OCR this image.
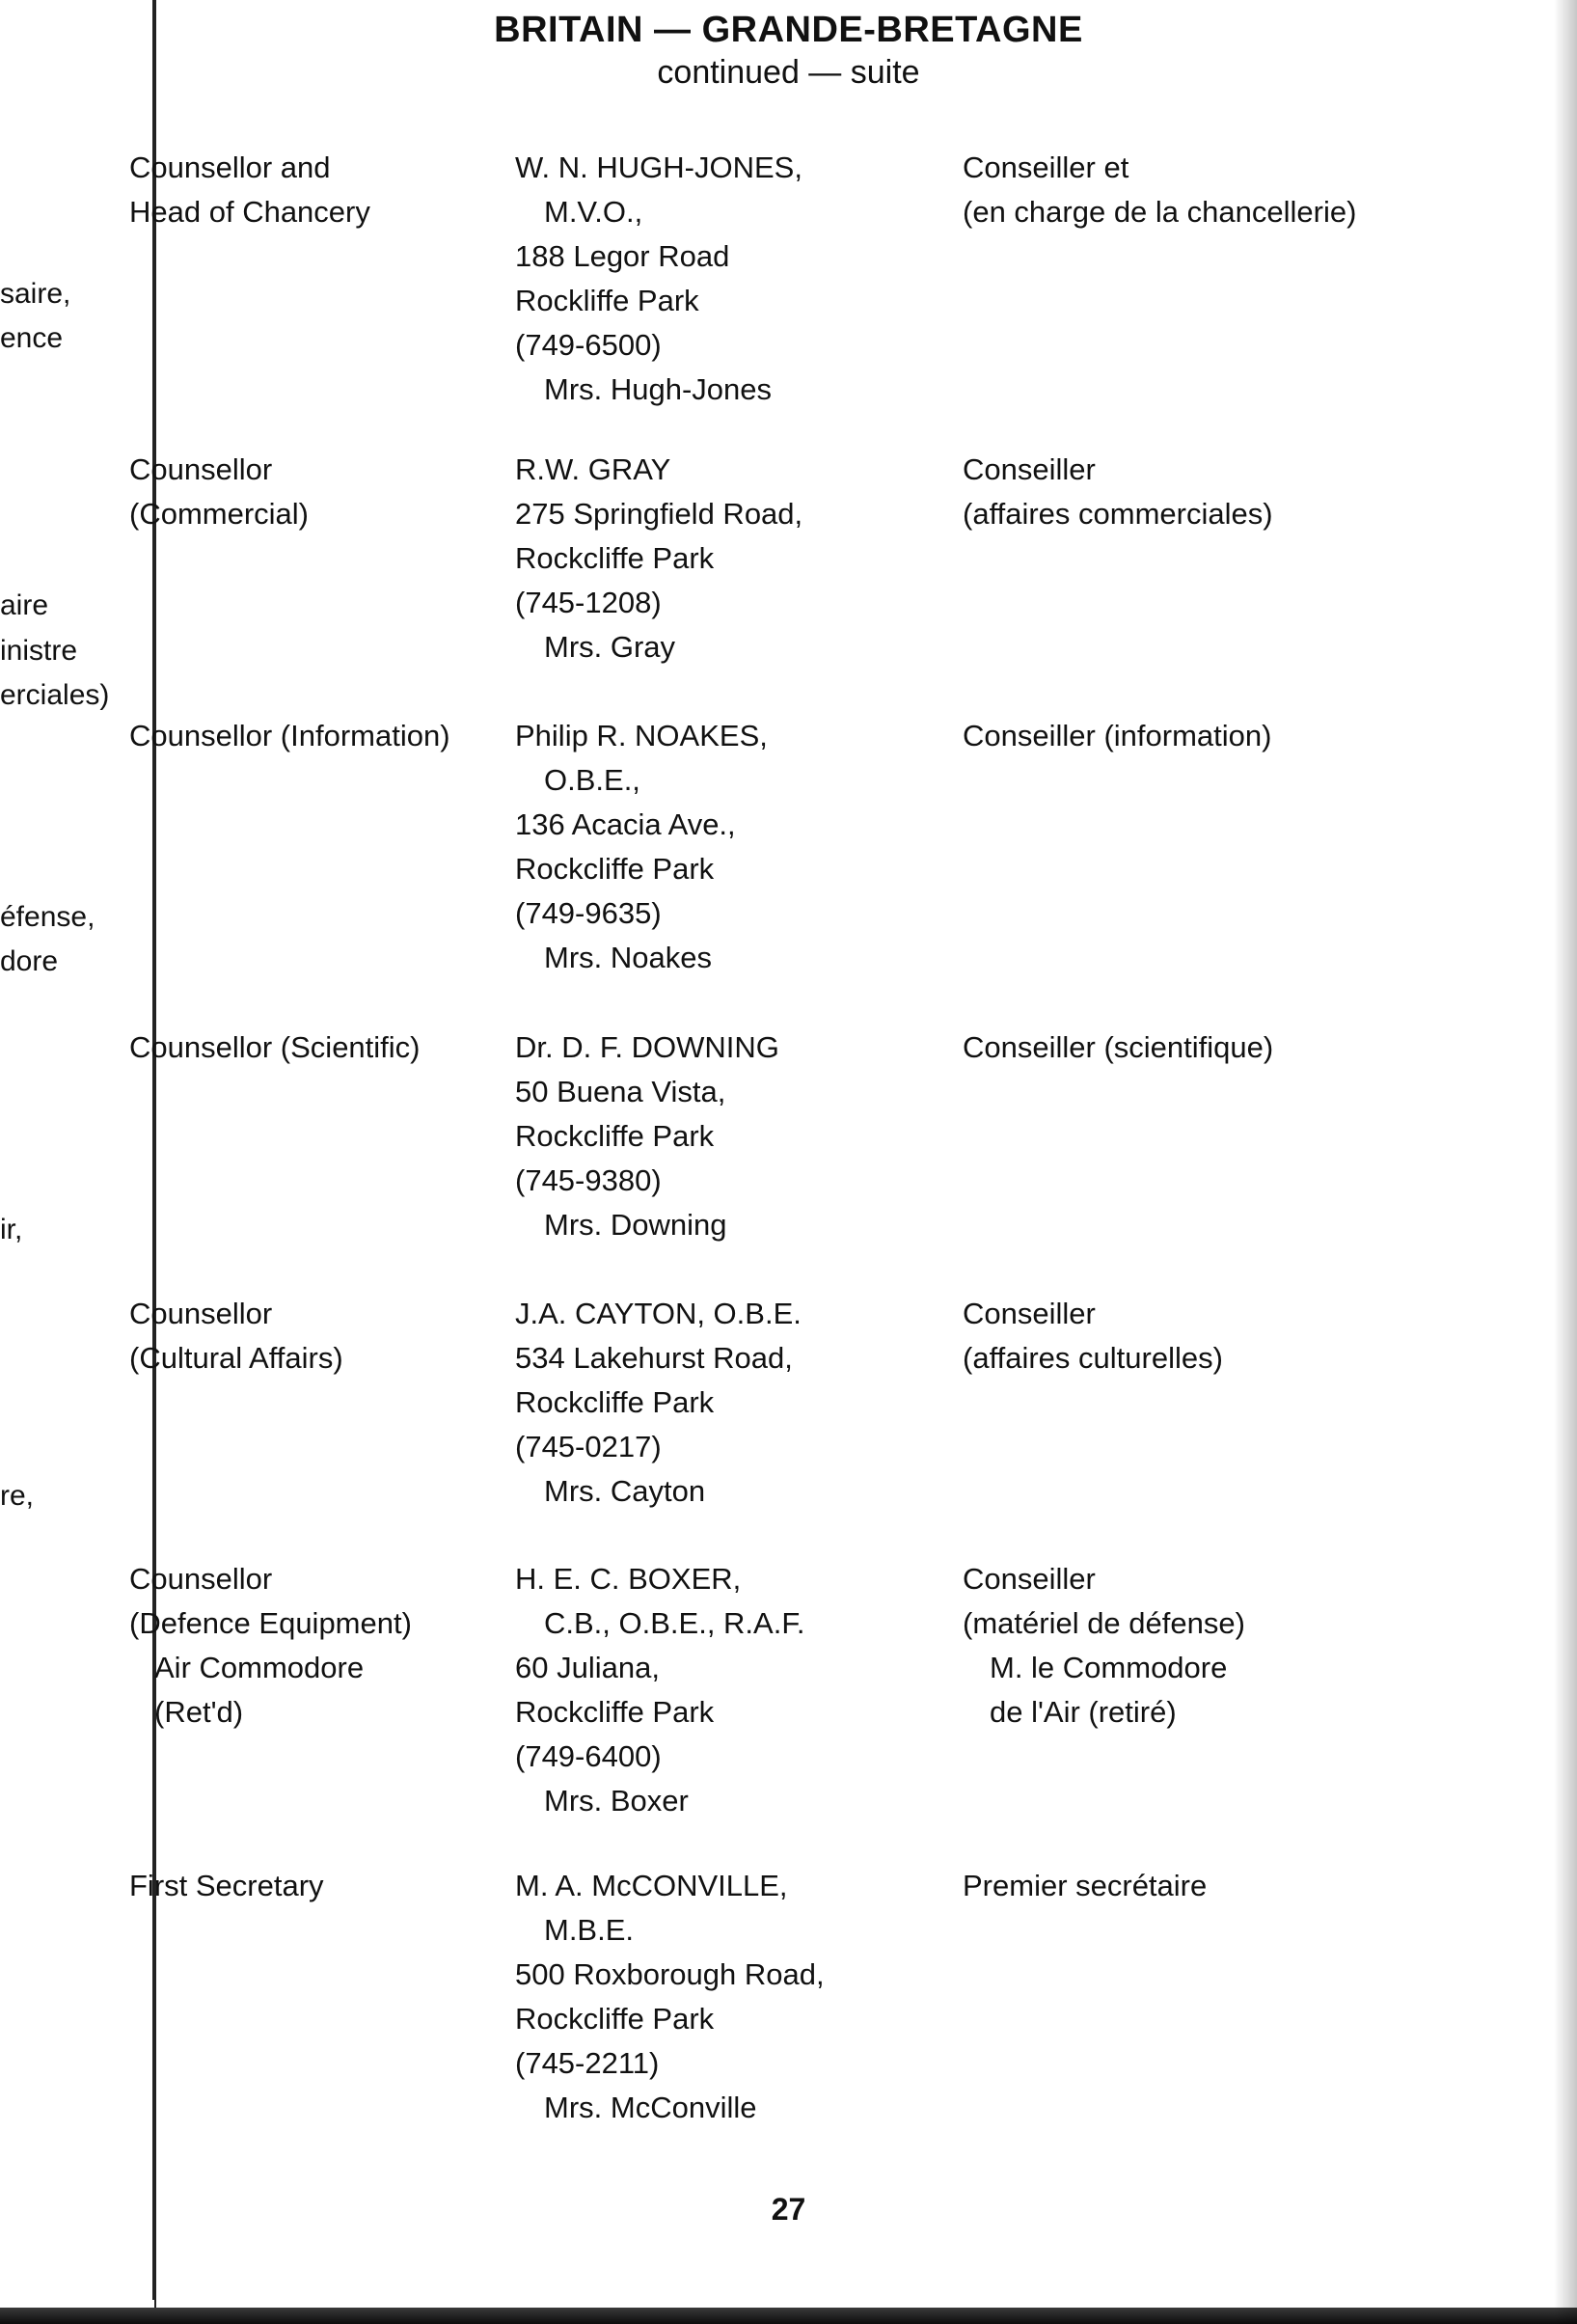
BRITAIN — GRANDE-BRETAGNE
continued — suite
saire,
ence
aire
inistre
erciales)
éfense,
dore
ir,
re,
Counsellor and
Head of Chancery
W. N. HUGH-JONES,
M.V.O.,
188 Legor Road
Rockliffe Park
(749-6500)
Mrs. Hugh-Jones
Conseiller et
(en charge de la chancellerie)
Counsellor
(Commercial)
R.W. GRAY
275 Springfield Road,
Rockcliffe Park
(745-1208)
Mrs. Gray
Conseiller
(affaires commerciales)
Counsellor (Information) Philip R. NOAKES,
O.B.E.,
136 Acacia Ave.,
Rockcliffe Park
(749-9635)
Mrs. Noakes
Conseiller (information)
Counsellor (Scientific)	Dr. D. F. DOWNING
50 Buena Vista,
Rockcliffe Park
(745-9380)
Mrs. Downing
Conseiller (scientifique)
Counsellor
(Cultural Affairs)
J.A. CAYTON, O.B.E.
534 Lakehurst Road,
Rockcliffe Park
(745-0217)
Mrs. Cayton
Conseiller
(affaires culturelles)
Counsellor
(Defence Equipment)
Air Commodore
(Ret'd)
H. E. C. BOXER,
C.B., O.B.E., R.A.F.
60 Juliana,
Rockcliffe Park
(749-6400)
Mrs. Boxer
Conseiller
(matériel de défense)
M. le Commodore
de l'Air (retiré)
First Secretary	M. A. McCONVILLE,
M.B.E.
500 Roxborough Road,
Rockcliffe Park
(745-2211)
Mrs. McConville
Premier secrétaire
27
